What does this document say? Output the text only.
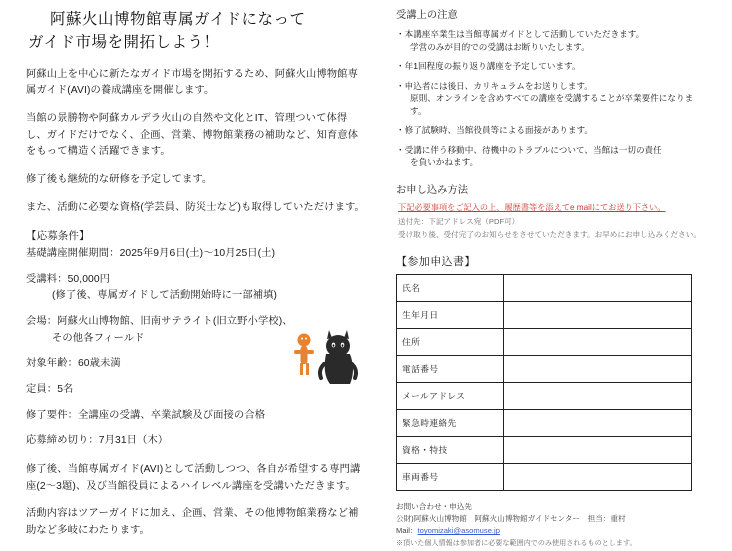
阿蘇火山博物館専属ガイドになって
ガイド市場を開拓しよう！

阿蘇山上を中心に新たなガイド市場を開拓するため、阿蘇火山博物館専属ガイド(AVI)の養成講座を開催します。

当館の景勝物や阿蘇カルデラ火山の自然や文化とIT、管理ついて体得し、ガイドだけでなく、企画、営業、博物館業務の補助など、知育意体をもって構造く活躍できます。

修了後も継続的な研修を予定してます。

また、活動に必要な資格(学芸員、防災士など)も取得していただけます。

【応募条件】

基礎講座開催期間：2025年9月6日(土)〜10月25日(土)

受講料：50,000円
(修了後、専属ガイドして活動開始時に一部補填)

会場：阿蘇火山博物館、旧南サテライト(旧立野小学校)、
その他各フィールド

対象年齢：60歳未満

定員：5名

修了要件：全講座の受講、卒業試験及び面接の合格

応募締め切り：7月31日（木）

修了後、当館専属ガイド(AVI)として活動しつつ、各自が希望する専門講座(2〜3題)、及び当館役員によるハイレベル講座を受講いただきます。

活動内容はツアーガイドに加え、企画、営業、その他博物館業務など補助など多岐にわたります。

受講上の注意

・本講座卒業生は当館専属ガイドとして活動していただきます。
学営のみが目的での受講はお断りいたします。

・年1回程度の振り返り講座を予定しています。

・申込者には後日、カリキュラムをお送りします。
原則、オンラインを含めすべての講座を受講することが卒業要件になります。

・修了試験時、当館役員等による面接があります。

・受講に伴う移動中、待機中のトラブルについて、当館は一切の責任
を負いかねます。

お申し込み方法

下記必要事項をご記入の上、履歴書等を添えてe mailにてお送り下さい。

送付先：下記アドレス宛（PDF可）

受け取り後、受付完了のお知らせをさせていただきます。お早めにお申し込みください。

【参加申込書】

氏名	
生年月日	
住所	
電話番号	
メールアドレス	
緊急時連絡先	
資格・特技	
車両番号	
お問い合わせ・申込先
公財)阿蘇火山博物館　阿蘇火山博物館ガイドセンター　担当：重村
Mail：toyomizaki@asomuse.jp
※頂いた個人情報は参加者に必要な範囲内でのみ使用されるものとします。
